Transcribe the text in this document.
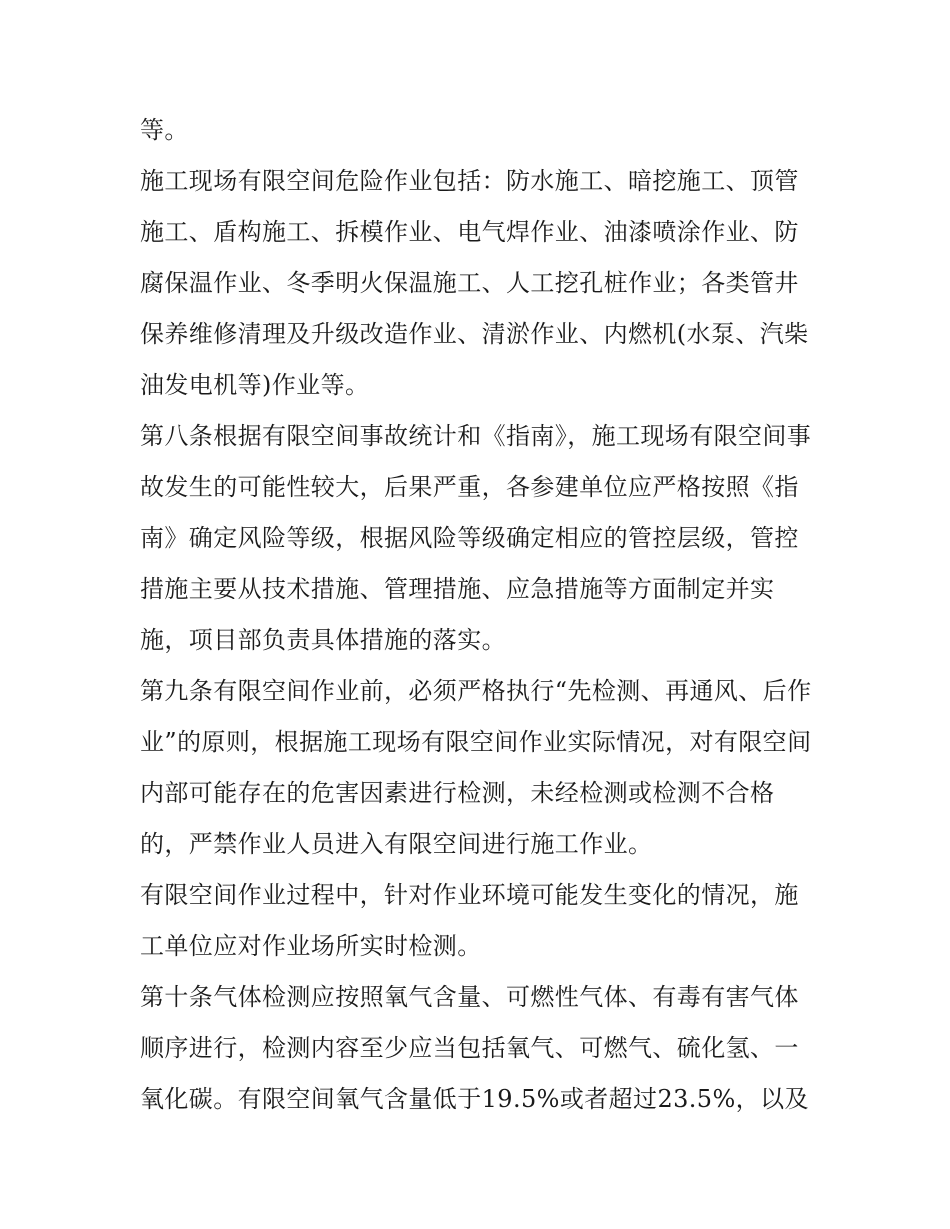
等。

施工现场有限空间危险作业包括：防水施工、暗挖施工、顶管施工、盾构施工、拆模作业、电气焊作业、油漆喷涂作业、防腐保温作业、冬季明火保温施工、人工挖孔桩作业；各类管井保养维修清理及升级改造作业、清淤作业、内燃机(水泵、汽柴油发电机等)作业等。

第八条根据有限空间事故统计和《指南》，施工现场有限空间事故发生的可能性较大，后果严重，各参建单位应严格按照《指南》确定风险等级，根据风险等级确定相应的管控层级，管控措施主要从技术措施、管理措施、应急措施等方面制定并实施，项目部负责具体措施的落实。

第九条有限空间作业前，必须严格执行“先检测、再通风、后作业”的原则，根据施工现场有限空间作业实际情况，对有限空间内部可能存在的危害因素进行检测，未经检测或检测不合格的，严禁作业人员进入有限空间进行施工作业。

有限空间作业过程中，针对作业环境可能发生变化的情况，施工单位应对作业场所实时检测。

第十条气体检测应按照氧气含量、可燃性气体、有毒有害气体顺序进行，检测内容至少应当包括氧气、可燃气、硫化氢、一氧化碳。有限空间氧气含量低于19.5%或者超过23.5%，以及
